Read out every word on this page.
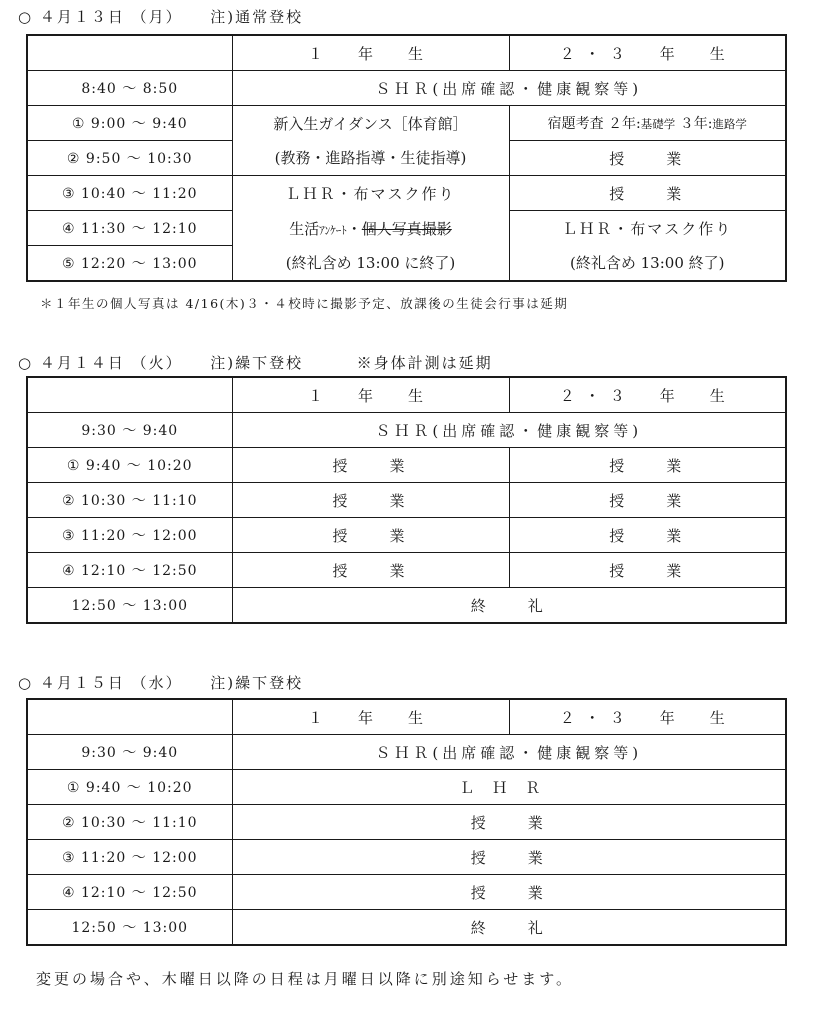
○ ４月１３日 （月） 注)通常登校
	１　年　生	２・３　年　生
8:40 〜 8:50	ＳＨＲ(出席確認・健康観察等)	
① 9:00 〜 9:40	新入生ガイダンス［体育館］	宿題考査 ２年:基礎学 ３年:進路学
② 9:50 〜 10:30	(教務・進路指導・生徒指導)	授　　業
③ 10:40 〜 11:20	ＬＨＲ・布マスク作り	授　　業
④ 11:30 〜 12:10	生活ｱﾝｹｰﾄ・個人写真撮影	ＬＨＲ・布マスク作り
⑤ 12:20 〜 13:00	(終礼含め 13:00 に終了)	(終礼含め 13:00 終了)
＊１年生の個人写真は 4/16(木)３・４校時に撮影予定、放課後の生徒会行事は延期
○ ４月１４日 （火） 注)繰下登校	※身体計測は延期
	１　年　生	２・３　年　生
9:30 〜 9:40	ＳＨＲ(出席確認・健康観察等)	
① 9:40 〜 10:20	授　　業	授　　業
② 10:30 〜 11:10	授　　業	授　　業
③ 11:20 〜 12:00	授　　業	授　　業
④ 12:10 〜 12:50	授　　業	授　　業
12:50 〜 13:00	終　　礼	
○ ４月１５日 （水） 注)繰下登校
	１　年　生	２・３　年　生
9:30 〜 9:40	ＳＨＲ(出席確認・健康観察等)	
① 9:40 〜 10:20	ＬＨＲ	
② 10:30 〜 11:10	授　　業	
③ 11:20 〜 12:00	授　　業	
④ 12:10 〜 12:50	授　　業	
12:50 〜 13:00	終　　礼	
変更の場合や、木曜日以降の日程は月曜日以降に別途知らせます。
